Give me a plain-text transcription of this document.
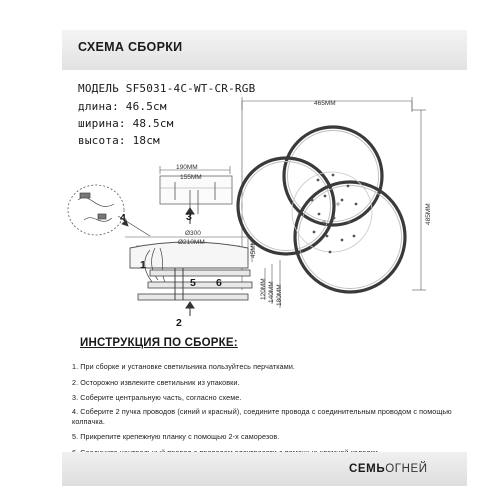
СХЕМА СБОРКИ
МОДЕЛЬ SF5031-4C-WT-CR-RGB
длина: 46.5см
ширина: 48.5см
высота: 18см
465ММ
485ММ
190ММ
155ММ
Ø300
Ø210ММ	45ММ
120ММ 140ММ 180ММ
1
2
3
4
5 6
ИНСТРУКЦИЯ ПО СБОРКЕ:
1. При сборке и установке светильника пользуйтесь перчатками.
2. Осторожно извлеките светильник из упаковки.
3. Соберите центральную часть, согласно схеме.
4. Соберите 2 пучка проводов (синий и красный), соедините провода с соединительным проводом с помощью колпачка.
5. Прикрепите крепежную планку с помощью 2-х саморезов.
СЕМЬОГНЕЙ
